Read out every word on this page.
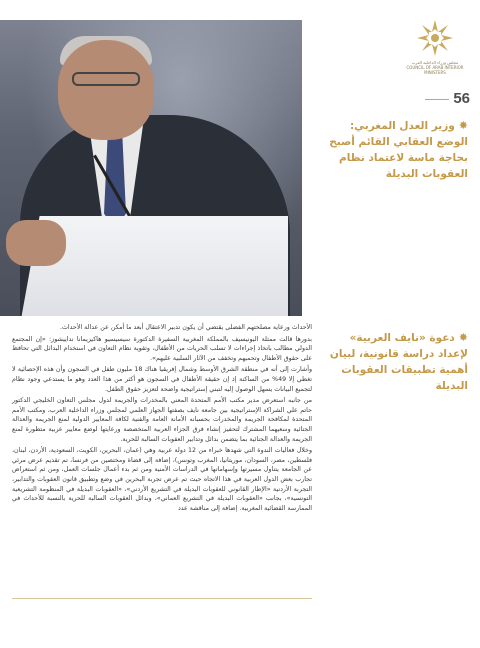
مجلس وزراء الداخلية العرب
COUNCIL OF ARAB INTERIOR MINISTERS
56
✸وزير العدل المغربي: الوضع العقابي القائم أصبح بحاجة ماسة لاعتماد نظام العقوبات البديلة
✸دعوة «نايف العربية» لإعداد دراسة قانونية، لبيان أهمية تطبيقات العقوبات البديلة

الأحداث ورعاية مصلحتهم الفضلى يقتضي أن يكون تدبير الاعتقال أبعد ما أمكن عن عدالة الأحداث.

بدورها قالت ممثلة اليونيسيف بالمملكة المغربية السفيرة الدكتورة سيسيسيو هاكيزيمانا نداييشوز: «إن المجتمع الدولي مطالب باتخاذ إجراءات لا تسلب الحريات من الأطفال، وتقوية نظام التعاون في استخدام البدائل التي تحافظ على حقوق الأطفال وتحميهم وتخفف من الآثار السلبية عليهم».

وأشارت إلى أنه في منطقة الشرق الأوسط وشمال إفريقيا هناك 18 مليون طفل في السجون وأن هذه الإحصائية لا تغطي إلا 49% من الساكنة إذ إن حقيقة الأطفال في السجون هو أكثر من هذا العدد وهو ما يستدعي وجود نظام لتجميع البيانات يسهل الوصول إليه لتبني إستراتيجية واضحة لتعزيز حقوق الطفل.

من جانبه استعرض مدير مكتب الأمم المتحدة المعني بالمخدرات والجريمة لدول مجلس التعاون الخليجي الدكتور حاتم علي الشراكة الإستراتيجية بين جامعة نايف بصفتها الجهاز العلمي لمجلس وزراء الداخلية العرب، ومكتب الأمم المتحدة لمكافحة الجريمة والمخدرات بحسبانه الأمانة العامة والفنية لكافة المعايير الدولية لمنع الجريمة والعدالة الجنائية وسعيهما المشترك لتحفيز إنشاء فرق الجزاء العربية المتخصصة ورعايتها لوضع معايير عربية متطورة لمنع الجريمة والعدالة الجنائية بما يتضمن بدائل وتدابير العقوبات السالبة للحرية.

وخلال فعاليات الندوة التي شهدها خبراء من 12 دولة عربية وهي (عمان، البحرين، الكويت، السعودية، الأردن، لبنان، فلسطين، مصر، السودان، موريتانيا، المغرب وتونس)، إضافة إلى قضاة ومختصين من فرنسا، تم تقديم عرض مرئي عن الجامعة يتناول مسيرتها وإسهاماتها في الدراسات الأمنية ومن ثم بدء أعمال جلسات العمل، ومن ثم استعراض تجارب بعض الدول العربية في هذا الاتجاه حيث تم عرض تجربة البحرين في وضع وتطبيق قانون العقوبات والتدابير، التجربة الأردنية «الإطار القانوني للعقوبات البديلة في التشريع الأردني»، «العقوبات البديلة في المنظومة التشريعية التونسية»، بجانب «العقوبات البديلة في التشريع العماني»، وبدائل العقوبات السالبة للحرية بالنسبة للأحداث في الممارسة القضائية المغربية. إضافة إلى مناقشة عدد
